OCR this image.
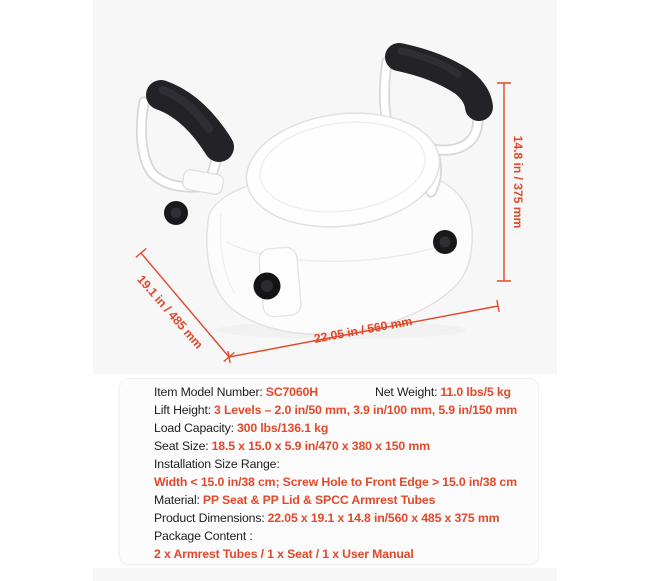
14.8 in / 375 mm
19.1 in / 485 mm	22.05 in / 560 mm
Item Model Number: SC7060H	Net Weight: 11.0 lbs/5 kg
Lift Height: 3 Levels – 2.0 in/50 mm, 3.9 in/100 mm, 5.9 in/150 mm
Load Capacity: 300 lbs/136.1 kg
Seat Size: 18.5 x 15.0 x 5.9 in/470 x 380 x 150 mm
Installation Size Range:
Width < 15.0 in/38 cm; Screw Hole to Front Edge > 15.0 in/38 cm
Material: PP Seat & PP Lid & SPCC Armrest Tubes
Product Dimensions: 22.05 x 19.1 x 14.8 in/560 x 485 x 375 mm
Package Content :
2 x Armrest Tubes / 1 x Seat / 1 x User Manual
